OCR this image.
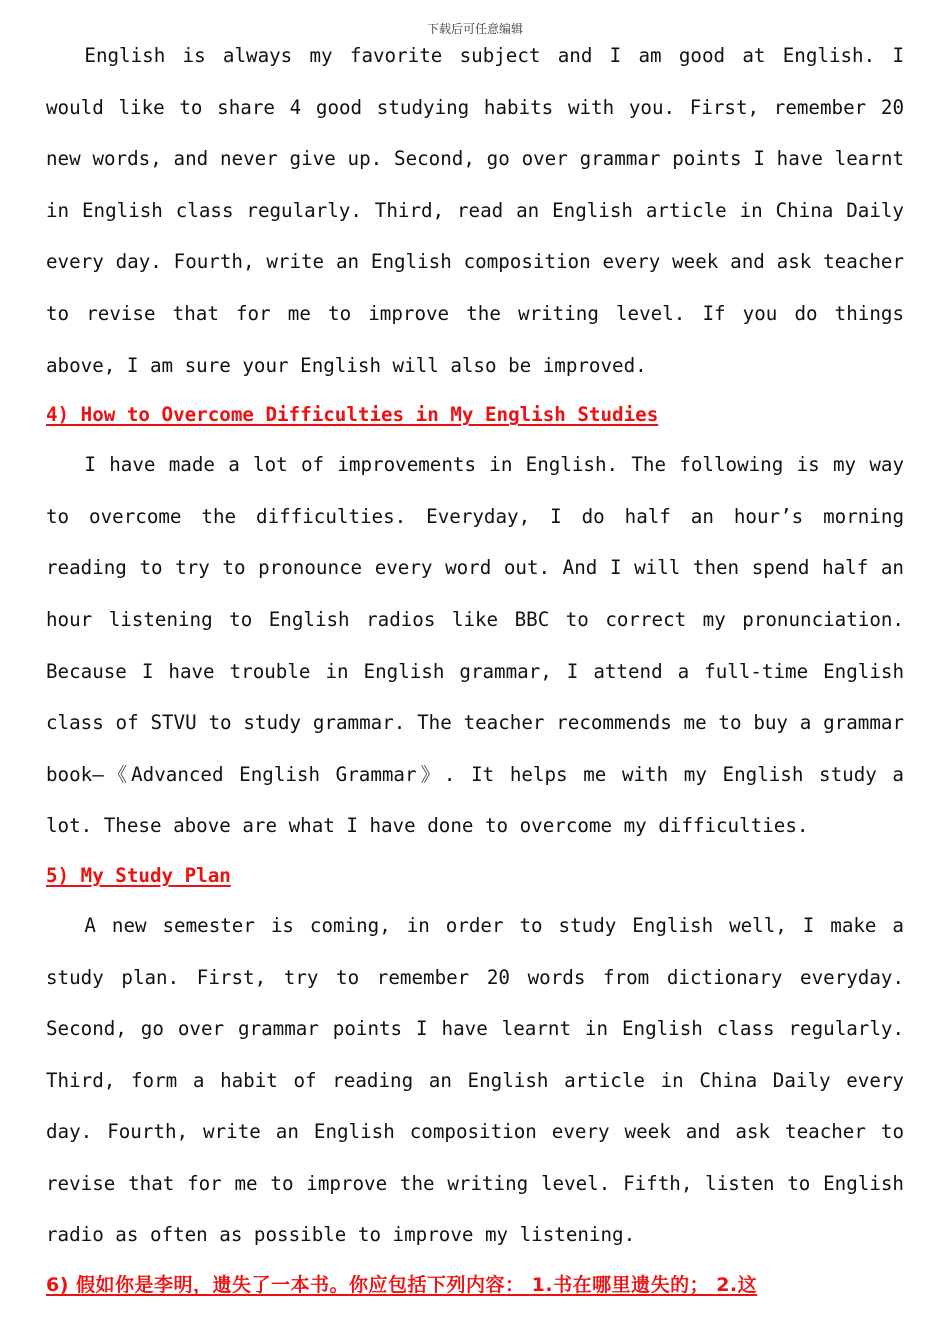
下载后可任意编辑

English is always my favorite subject and I am good at English. I would like to share 4 good studying habits with you. First, remember 20 new words, and never give up. Second, go over grammar points I have learnt in English class regularly. Third, read an English article in China Daily every day. Fourth, write an English composition every week and ask teacher to revise that for me to improve the writing level. If you do things above, I am sure your English will also be improved.

4) How to Overcome Difficulties in My English Studies

I have made a lot of improvements in English. The following is my way to overcome the difficulties. Everyday, I do half an hour’s morning reading to try to pronounce every word out. And I will then spend half an hour listening to English radios like BBC to correct my pronunciation. Because I have trouble in English grammar, I attend a full-time English class of STVU to study grammar. The teacher recommends me to buy a grammar book—《Advanced English Grammar》. It helps me with my English study a lot. These above are what I have done to overcome my difficulties.

5) My Study Plan

A new semester is coming, in order to study English well, I make a study plan. First, try to remember 20 words from dictionary everyday. Second, go over grammar points I have learnt in English class regularly. Third, form a habit of reading an English article in China Daily every day. Fourth, write an English composition every week and ask teacher to revise that for me to improve the writing level. Fifth, listen to English radio as often as possible to improve my listening.

6) 假如你是李明，遗失了一本书。你应包括下列内容： 1.书在哪里遗失的； 2.这
